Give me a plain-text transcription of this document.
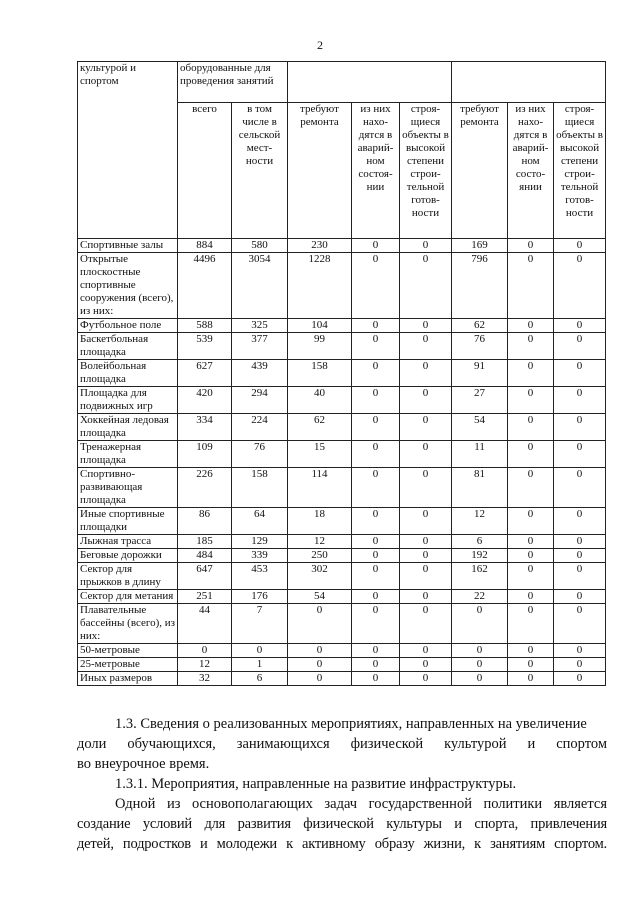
2
культурой и спортом	оборудованные для проведения занятий							
	всего	в том числе в сельской мест-ности	требуют ремонта	из них нахо-дятся в аварий-ном состоя-нии	строя-щиеся объекты в высокой степени строи-тельной готов-ности	требуют ремонта	из них нахо-дятся в аварий-ном состо-янии	строя-щиеся объекты в высокой степени строи-тельной готов-ности
Спортивные залы	884	580	230	0	0	169	0	0
Открытые плоскостные спортивные сооружения (всего), из них:	4496	3054	1228	0	0	796	0	0
Футбольное поле	588	325	104	0	0	62	0	0
Баскетбольная площадка	539	377	99	0	0	76	0	0
Волейбольная площадка	627	439	158	0	0	91	0	0
Площадка для подвижных игр	420	294	40	0	0	27	0	0
Хоккейная ледовая площадка	334	224	62	0	0	54	0	0
Тренажерная площадка	109	76	15	0	0	11	0	0
Спортивно-развивающая площадка	226	158	114	0	0	81	0	0
Иные спортивные площадки	86	64	18	0	0	12	0	0
Лыжная трасса	185	129	12	0	0	6	0	0
Беговые дорожки	484	339	250	0	0	192	0	0
Сектор для прыжков в длину	647	453	302	0	0	162	0	0
Сектор для метания	251	176	54	0	0	22	0	0
Плавательные бассейны (всего), из них:	44	7	0	0	0	0	0	0
50-метровые	0	0	0	0	0	0	0	0
25-метровые	12	1	0	0	0	0	0	0
Иных размеров	32	6	0	0	0	0	0	0

1.3. Сведения о реализованных мероприятиях, направленных на увеличение

доли обучающихся, занимающихся физической культурой и спортом

во внеурочное время.

1.3.1. Мероприятия, направленные на развитие инфраструктуры.

Одной из основополагающих задач государственной политики является

создание условий для развития физической культуры и спорта, привлечения

детей, подростков и молодежи к активному образу жизни, к занятиям спортом.
